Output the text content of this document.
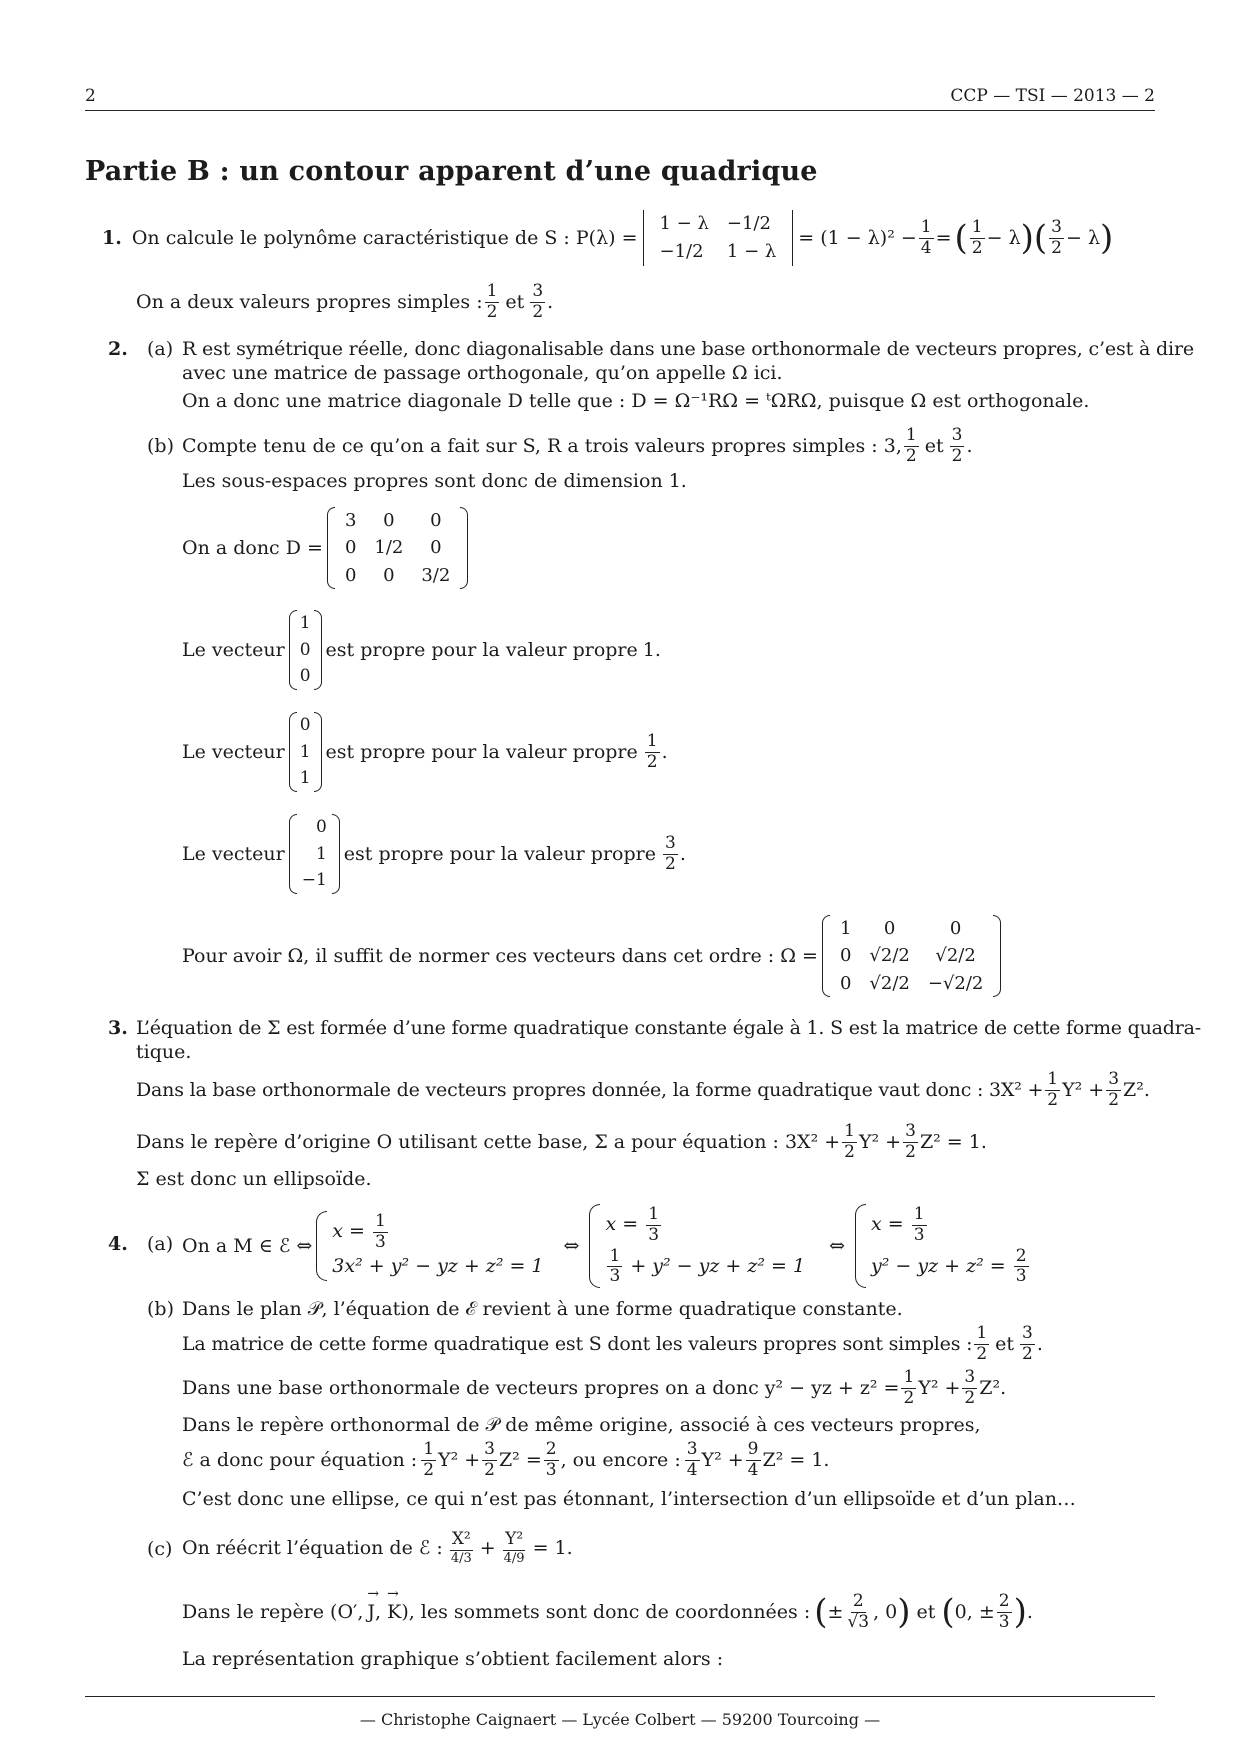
2	CCP — TSI — 2013 — 2
Partie B : un contour apparent d’une quadrique
1. On calcule le polynôme caractéristique de S : P(λ) =
1 − λ	−1/2
−1/2	1 − λ
= $(1 - \lambda)^2 - \frac{1}{4}$ = ( 1
2 − λ )( 3
2 − λ )
On a deux valeurs propres simples : 1
2 et 3
2 .
2. (a) R est symétrique réelle, donc diagonalisable dans une base orthonormale de vecteurs propres, c’est à dire
avec une matrice de passage orthogonale, qu’on appelle Ω ici.
On a donc une matrice diagonale D telle que : D = Ω⁻¹RΩ = ᵗΩRΩ, puisque Ω est orthogonale.
(b) Compte tenu de ce qu’on a fait sur S, R a trois valeurs propres simples : 3, 1
2 et 3
2 .
Les sous-espaces propres sont donc de dimension 1.
On a donc D =
3	0	0
0	1/2	0
0	0	3/2
Le vecteur
1
0
0
est propre pour la valeur propre 1.
Le vecteur
0
1
1
est propre pour la valeur propre 1
2 .
Le vecteur
0
1
−1
est propre pour la valeur propre 3
2 .
Pour avoir Ω, il suffit de normer ces vecteurs dans cet ordre : Ω =
1	0	0
0	√2/2	√2/2
0	√2/2	−√2/2
3. L’équation de Σ est formée d’une forme quadratique constante égale à 1. S est la matrice de cette forme quadra-
tique.
Dans la base orthonormale de vecteurs propres donnée, la forme quadratique vaut donc : $3X^2 + \frac{1}{2} Y^2 + \frac{3}{2} Z^2$.
Dans le repère d’origine O utilisant cette base, Σ a pour équation : $3X^2 + \frac{1}{2} Y^2 + \frac{3}{2} Z^2 = 1$.
Σ est donc un ellipsoïde.
4. (a) On a M ∈ ℰ ⇔
$x = \frac{1}{3}$
3x² + y² − yz + z² = 1
⇔
$x = \frac{1}{3}$
$\frac{1}{3} + y^2$ − yz + z² = 1
⇔
$x = \frac{1}{3}$
y² − yz + $z^2 = \frac{2}{3}$
(b) Dans le plan 𝒫, l’équation de ℰ revient à une forme quadratique constante.
La matrice de cette forme quadratique est S dont les valeurs propres sont simples : 1
2 et 3
2 .
Dans une base orthonormale de vecteurs propres on a donc y² − yz + $z^2 = \frac{1}{2} Y^2 + \frac{3}{2} Z^2$.
Dans le repère orthonormal de 𝒫 de même origine, associé à ces vecteurs propres,
ℰ a donc pour équation : 1
2 $Y^2 + \frac{3}{2} Z^2 = \frac{2}{3}$ , ou encore : 3
4 $Y^2 + \frac{9}{4} Z^2 = 1$.
C’est donc une ellipse, ce qui n’est pas étonnant, l’intersection d’un ellipsoïde et d’un plan…
(c) On réécrit l’équation de ℰ : X²
4/3 + Y²
4/9 = 1.
Dans le repère (O′, → J , → K ), les sommets sont donc de coordonnées : ( ± $\frac{2}{√3}$ , 0 ) et ( 0, ± $\frac{2}{3}$ ) .
La représentation graphique s’obtient facilement alors :
— Christophe Caignaert — Lycée Colbert — 59200 Tourcoing —
